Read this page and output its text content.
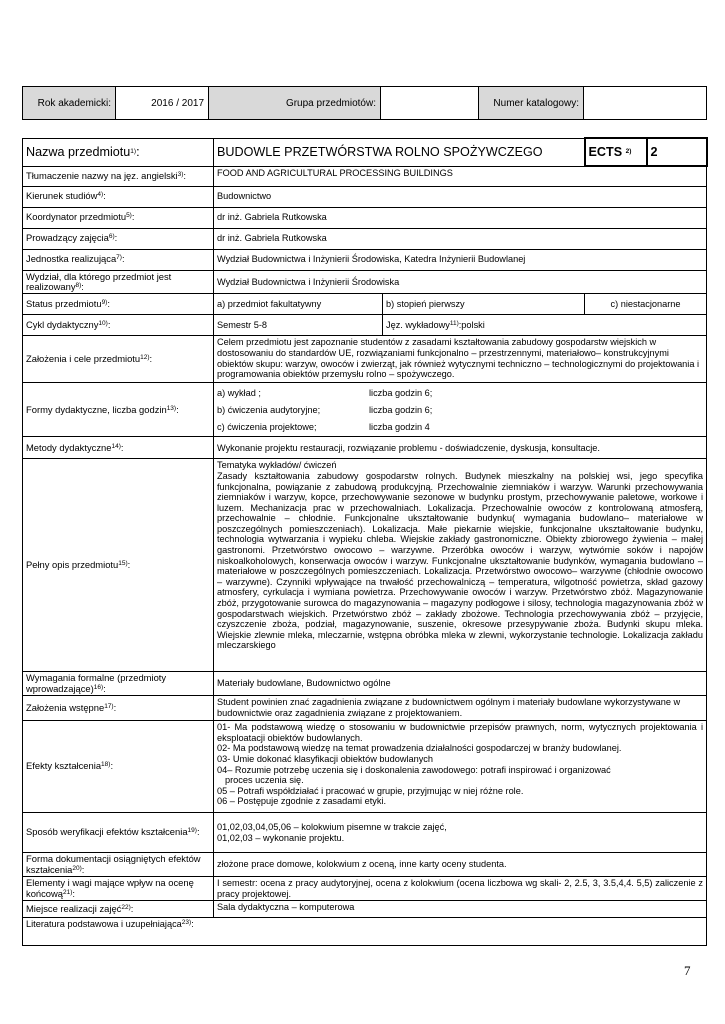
Rok akademicki:	2016 / 2017	Grupa przedmiotów:		Numer katalogowy:	
Nazwa przedmiotu$^{1)}$:	BUDOWLE PRZETWÓRSTWA ROLNO SPOŻYWCZEGO	ECTS $^{2)}$	2
Tłumaczenie nazwy na jęz. angielski$^{3)}$:	FOOD AND AGRICULTURAL PROCESSING BUILDINGS
Kierunek studiów$^{4)}$:	Budownictwo
Koordynator przedmiotu$^{5)}$:	dr inż. Gabriela Rutkowska
Prowadzący zajęcia$^{6)}$:	dr inż. Gabriela Rutkowska
Jednostka realizująca$^{7)}$:	Wydział Budownictwa i Inżynierii Środowiska, Katedra Inżynierii Budowlanej
Wydział, dla którego przedmiot jest realizowany$^{8)}$:	Wydział Budownictwa i Inżynierii Środowiska
Status przedmiotu$^{9)}$:	a) przedmiot fakultatywny	b) stopień pierwszy	c) niestacjonarne
Cykl dydaktyczny$^{10)}$:	Semestr 5-8	Jęz. wykładowy$^{11)}$:polski
Założenia i cele przedmiotu$^{12)}$:	Celem przedmiotu jest zapoznanie studentów z zasadami kształtowania zabudowy gospodarstw wiejskich w dostosowaniu do standardów UE, rozwiązaniami funkcjonalno – przestrzennymi, materiałowo– konstrukcyjnymi obiektów skupu: warzyw, owoców i zwierząt, jak również wytycznymi techniczno – technologicznymi do projektowania i programowania obiektów przemysłu rolno – spożywczego.
Formy dydaktyczne, liczba godzin$^{13)}$:	
a) wykład ;	liczba godzin 6;
b) ćwiczenia audytoryjne;	liczba godzin 6;
c) ćwiczenia projektowe;	liczba godzin 4

Metody dydaktyczne$^{14)}$:	Wykonanie projektu restauracji, rozwiązanie problemu - doświadczenie, dyskusja, konsultacje.
Pełny opis przedmiotu$^{15)}$:	
Tematyka wykładów/ ćwiczeń
Zasady kształtowania zabudowy gospodarstw rolnych. Budynek mieszkalny na polskiej wsi, jego specyfika funkcjonalna, powiązanie z zabudową produkcyjną. Przechowalnie ziemniaków i warzyw. Warunki przechowywania ziemniaków i warzyw, kopce, przechowywanie sezonowe w budynku prostym, przechowywanie paletowe, workowe i luzem. Mechanizacja prac w przechowalniach. Lokalizacja. Przechowalnie owoców z kontrolowaną atmosferą, przechowalnie – chłodnie. Funkcjonalne ukształtowanie budynku( wymagania budowlano– materiałowe w poszczególnych pomieszczeniach). Lokalizacja. Małe piekarnie wiejskie, funkcjonalne ukształtowanie budynku, technologia wytwarzania i wypieku chleba. Wiejskie zakłady gastronomiczne. Obiekty zbiorowego żywienia – małej gastronomi. Przetwórstwo owocowo – warzywne. Przeróbka owoców i warzyw, wytwórnie soków i napojów niskoalkoholowych, konserwacja owoców i warzyw. Funkcjonalne ukształtowanie budynków, wymagania budowlano – materiałowe w poszczególnych pomieszczeniach. Lokalizacja. Przetwórstwo owocowo– warzywne (chłodnie owocowo – warzywne). Czynniki wpływające na trwałość przechowalniczą – temperatura, wilgotność powietrza, skład gazowy atmosfery, cyrkulacja i wymiana powietrza. Przechowywanie owoców i warzyw. Przetwórstwo zbóż. Magazynowanie zbóż, przygotowanie surowca do magazynowania – magazyny podłogowe i silosy, technologia magazynowania zbóż w gospodarstwach wiejskich. Przetwórstwo zbóż – zakłady zbożowe. Technologia przechowywania zbóż – przyjęcie, czyszczenie zboża, podział, magazynowanie, suszenie, okresowe przesypywanie zboża. Budynki skupu mleka. Wiejskie zlewnie mleka, mleczarnie, wstępna obróbka mleka w zlewni, wykorzystanie technologie. Lokalizacja zakładu mleczarskiego
Wymagania formalne (przedmioty wprowadzające)$^{16)}$:	Materiały budowlane, Budownictwo ogólne
Założenia wstępne$^{17)}$:	Student powinien znać zagadnienia związane z budownictwem ogólnym i materiały budowlane wykorzystywane w budownictwie oraz zagadnienia związane z projektowaniem.
Efekty kształcenia$^{18)}$:	
01- Ma podstawową wiedzę o stosowaniu w budownictwie przepisów prawnych, norm, wytycznych projektowania i eksploatacji obiektów budowlanych.
02- Ma podstawową wiedzę na temat prowadzenia działalności gospodarczej w branży budowlanej.
03- Umie dokonać klasyfikacji obiektów budowlanych
04– Rozumie potrzebę uczenia się i doskonalenia zawodowego: potrafi inspirować i organizować
proces uczenia się.
05 – Potrafi współdziałać i pracować w grupie, przyjmując w niej różne role.
06 – Postępuje zgodnie z zasadami etyki.

Sposób weryfikacji efektów kształcenia$^{19)}$:	01,02,03,04,05,06 – kolokwium pisemne w trakcie zajęć,
01,02,03 – wykonanie projektu.

Forma dokumentacji osiągniętych efektów kształcenia$^{20)}$:	złożone prace domowe, kolokwium z oceną, inne karty oceny studenta.
Elementy i wagi mające wpływ na ocenę końcową$^{21)}$:	I semestr: ocena z pracy audytoryjnej, ocena z kolokwium (ocena liczbowa wg skali- 2, 2.5, 3, 3.5,4,4. 5,5) zaliczenie z pracy projektowej.
Miejsce realizacji zajęć$^{22)}$:	Sala dydaktyczna – komputerowa
Literatura podstawowa i uzupełniająca$^{23)}$:
7
